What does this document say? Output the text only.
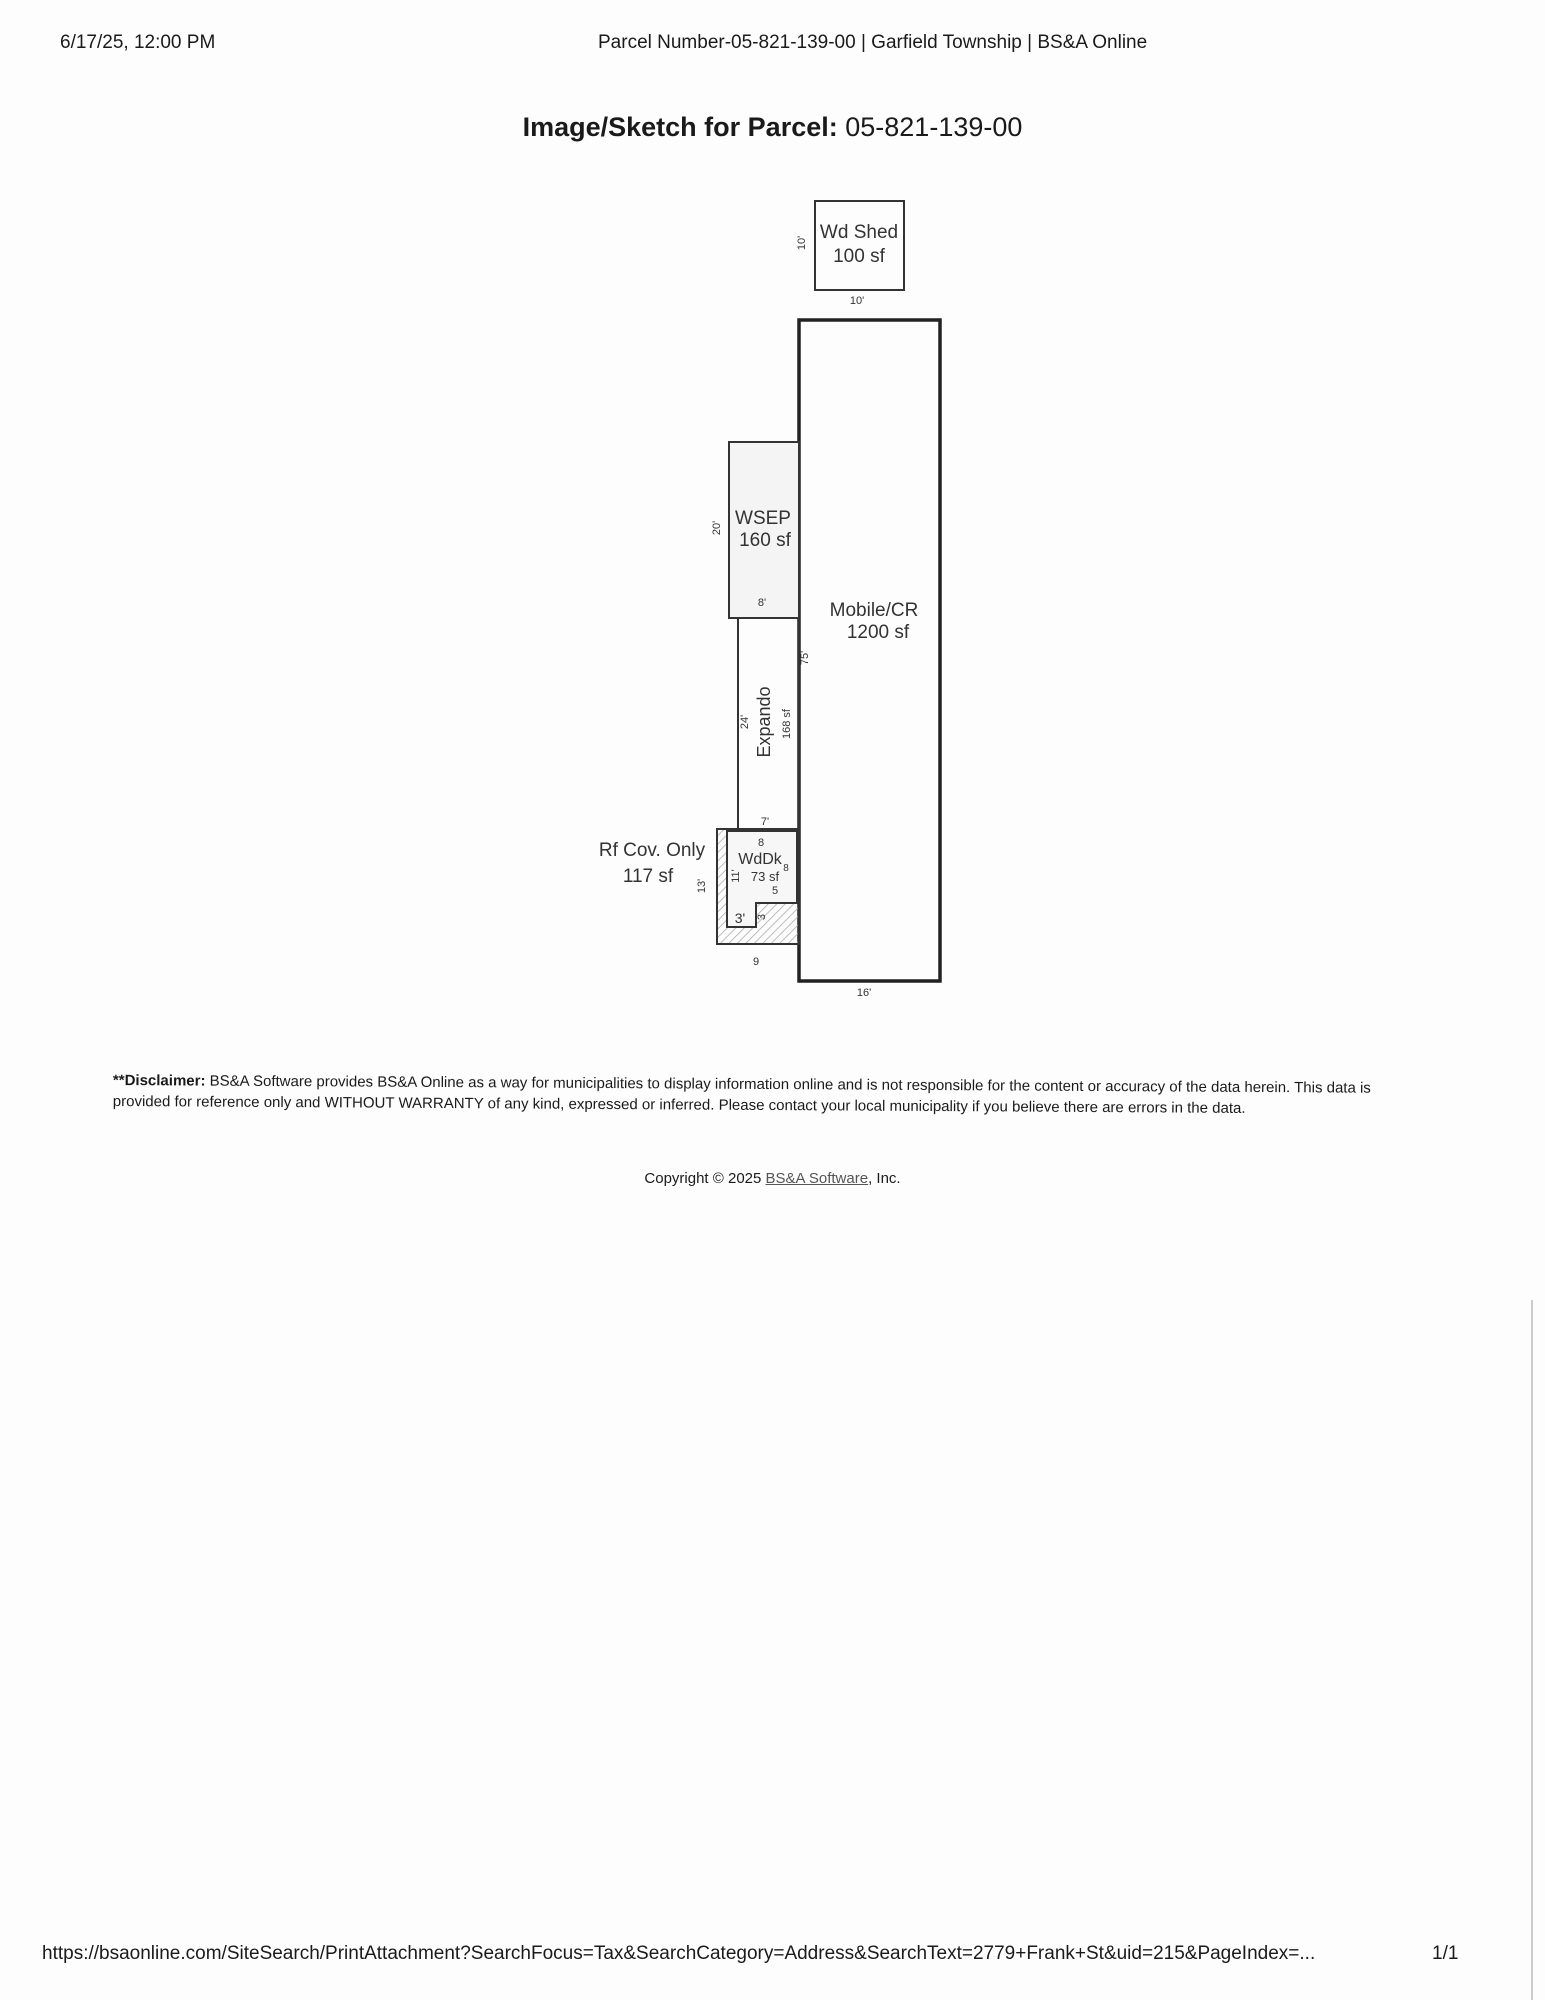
6/17/25, 12:00 PM	Parcel Number-05-821-139-00 | Garfield Township | BS&A Online
Image/Sketch for Parcel: 05-821-139-00
Wd Shed
100 sf
10'
10'
Mobile/CR
1200 sf
75'
16'
WSEP
160 sf
20'
8'
Expando 168 sf
24'
7'
Rf Cov. Only
117 sf 13'
9
WdDk
73 sf
8
11'
8
5
3' 3
**Disclaimer: BS&A Software provides BS&A Online as a way for municipalities to display information online and is not responsible for the content or accuracy of the data herein. This data is provided for reference only and WITHOUT WARRANTY of any kind, expressed or inferred. Please contact your local municipality if you believe there are errors in the data.
Copyright © 2025 BS&A Software, Inc.
https://bsaonline.com/SiteSearch/PrintAttachment?SearchFocus=Tax&SearchCategory=Address&SearchText=2779+Frank+St&uid=215&PageIndex=...	1/1
